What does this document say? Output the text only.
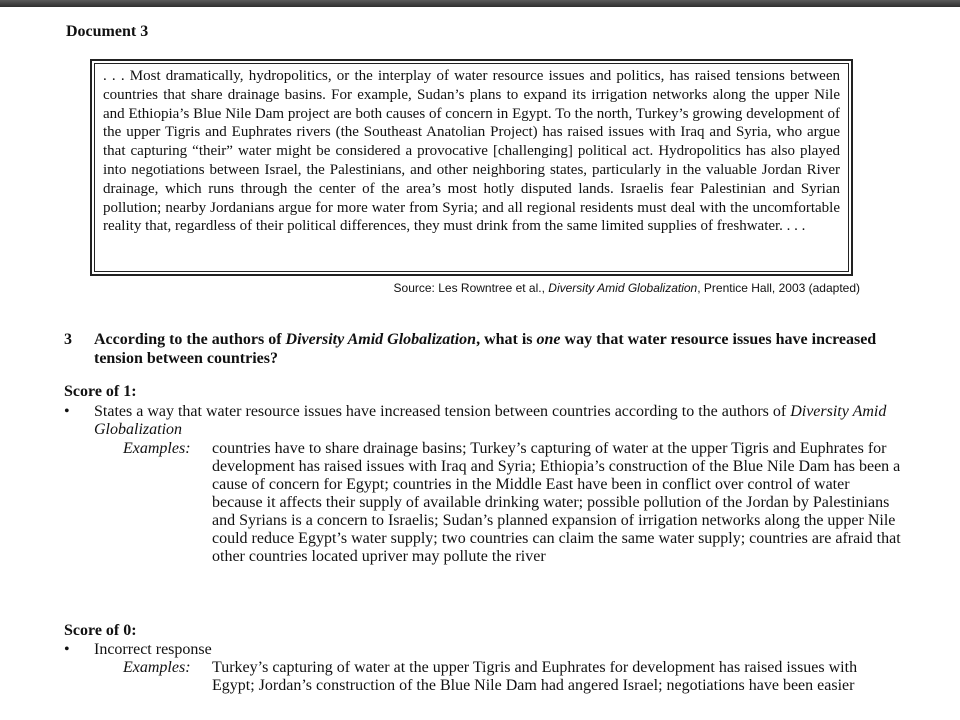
Document 3

. . . Most dramatically, hydropolitics, or the interplay of water resource issues and politics, has raised tensions between countries that share drainage basins. For example, Sudan’s plans to expand its irrigation networks along the upper Nile and Ethiopia’s Blue Nile Dam project are both causes of concern in Egypt. To the north, Turkey’s growing development of the upper Tigris and Euphrates rivers (the Southeast Anatolian Project) has raised issues with Iraq and Syria, who argue that capturing “their” water might be considered a provocative [challenging] political act. Hydropolitics has also played into negotiations between Israel, the Palestinians, and other neighboring states, particularly in the valuable Jordan River drainage, which runs through the center of the area’s most hotly disputed lands. Israelis fear Palestinian and Syrian pollution; nearby Jordanians argue for more water from Syria; and all regional residents must deal with the uncomfortable reality that, regardless of their political differences, they must drink from the same limited supplies of freshwater. . . .

Source: Les Rowntree et al., Diversity Amid Globalization, Prentice Hall, 2003 (adapted)
3 According to the authors of Diversity Amid Globalization, what is one way that water resource issues have increased tension between countries?
Score of 1:
• States a way that water resource issues have increased tension between countries according to the authors of Diversity Amid Globalization
Examples: countries have to share drainage basins; Turkey’s capturing of water at the upper Tigris and Euphrates for development has raised issues with Iraq and Syria; Ethiopia’s construction of the Blue Nile Dam has been a cause of concern for Egypt; countries in the Middle East have been in conflict over control of water because it affects their supply of available drinking water; possible pollution of the Jordan by Palestinians and Syrians is a concern to Israelis; Sudan’s planned expansion of irrigation networks along the upper Nile could reduce Egypt’s water supply; two countries can claim the same water supply; countries are afraid that other countries located upriver may pollute the river
Score of 0:
• Incorrect response
Examples: Turkey’s capturing of water at the upper Tigris and Euphrates for development has raised issues with Egypt; Jordan’s construction of the Blue Nile Dam had angered Israel; negotiations have been easier
